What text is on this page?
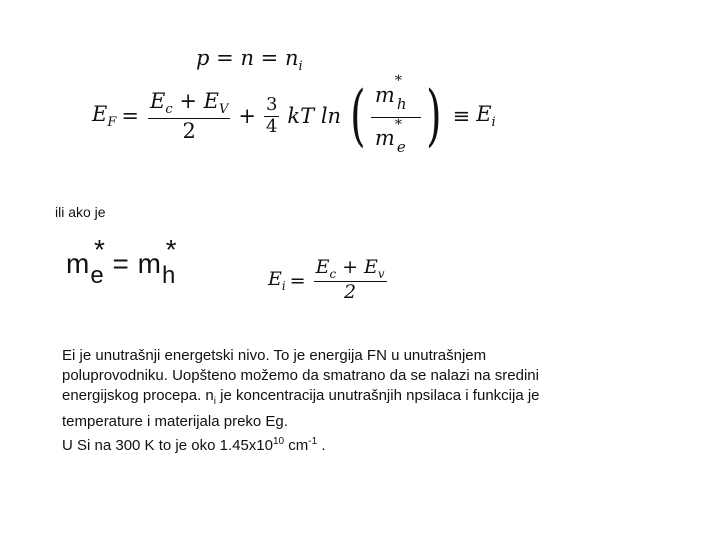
$p = n = n_i$
$E_F = \frac{E_c + E_V}{2} + \frac{3}{4}$ kT ln ( m
*
h
m
*
e ) ≡ $E_i$
ili ako je
m *
e = m *
h	$E_i = \frac{E_c + E_v}{2}$
Ei je unutrašnji energetski nivo. To je energija FN u unutrašnjem
poluprovodniku. Uopšteno možemo da smatrano da se nalazi na sredini
energijskog procepa. $n_i$ je koncentracija unutrašnjih npsilaca i funkcija je
temperature i materijala preko Eg.
U Si na 300 K to je oko $1.45x10^{10}$ $cm^{-1}$ .
